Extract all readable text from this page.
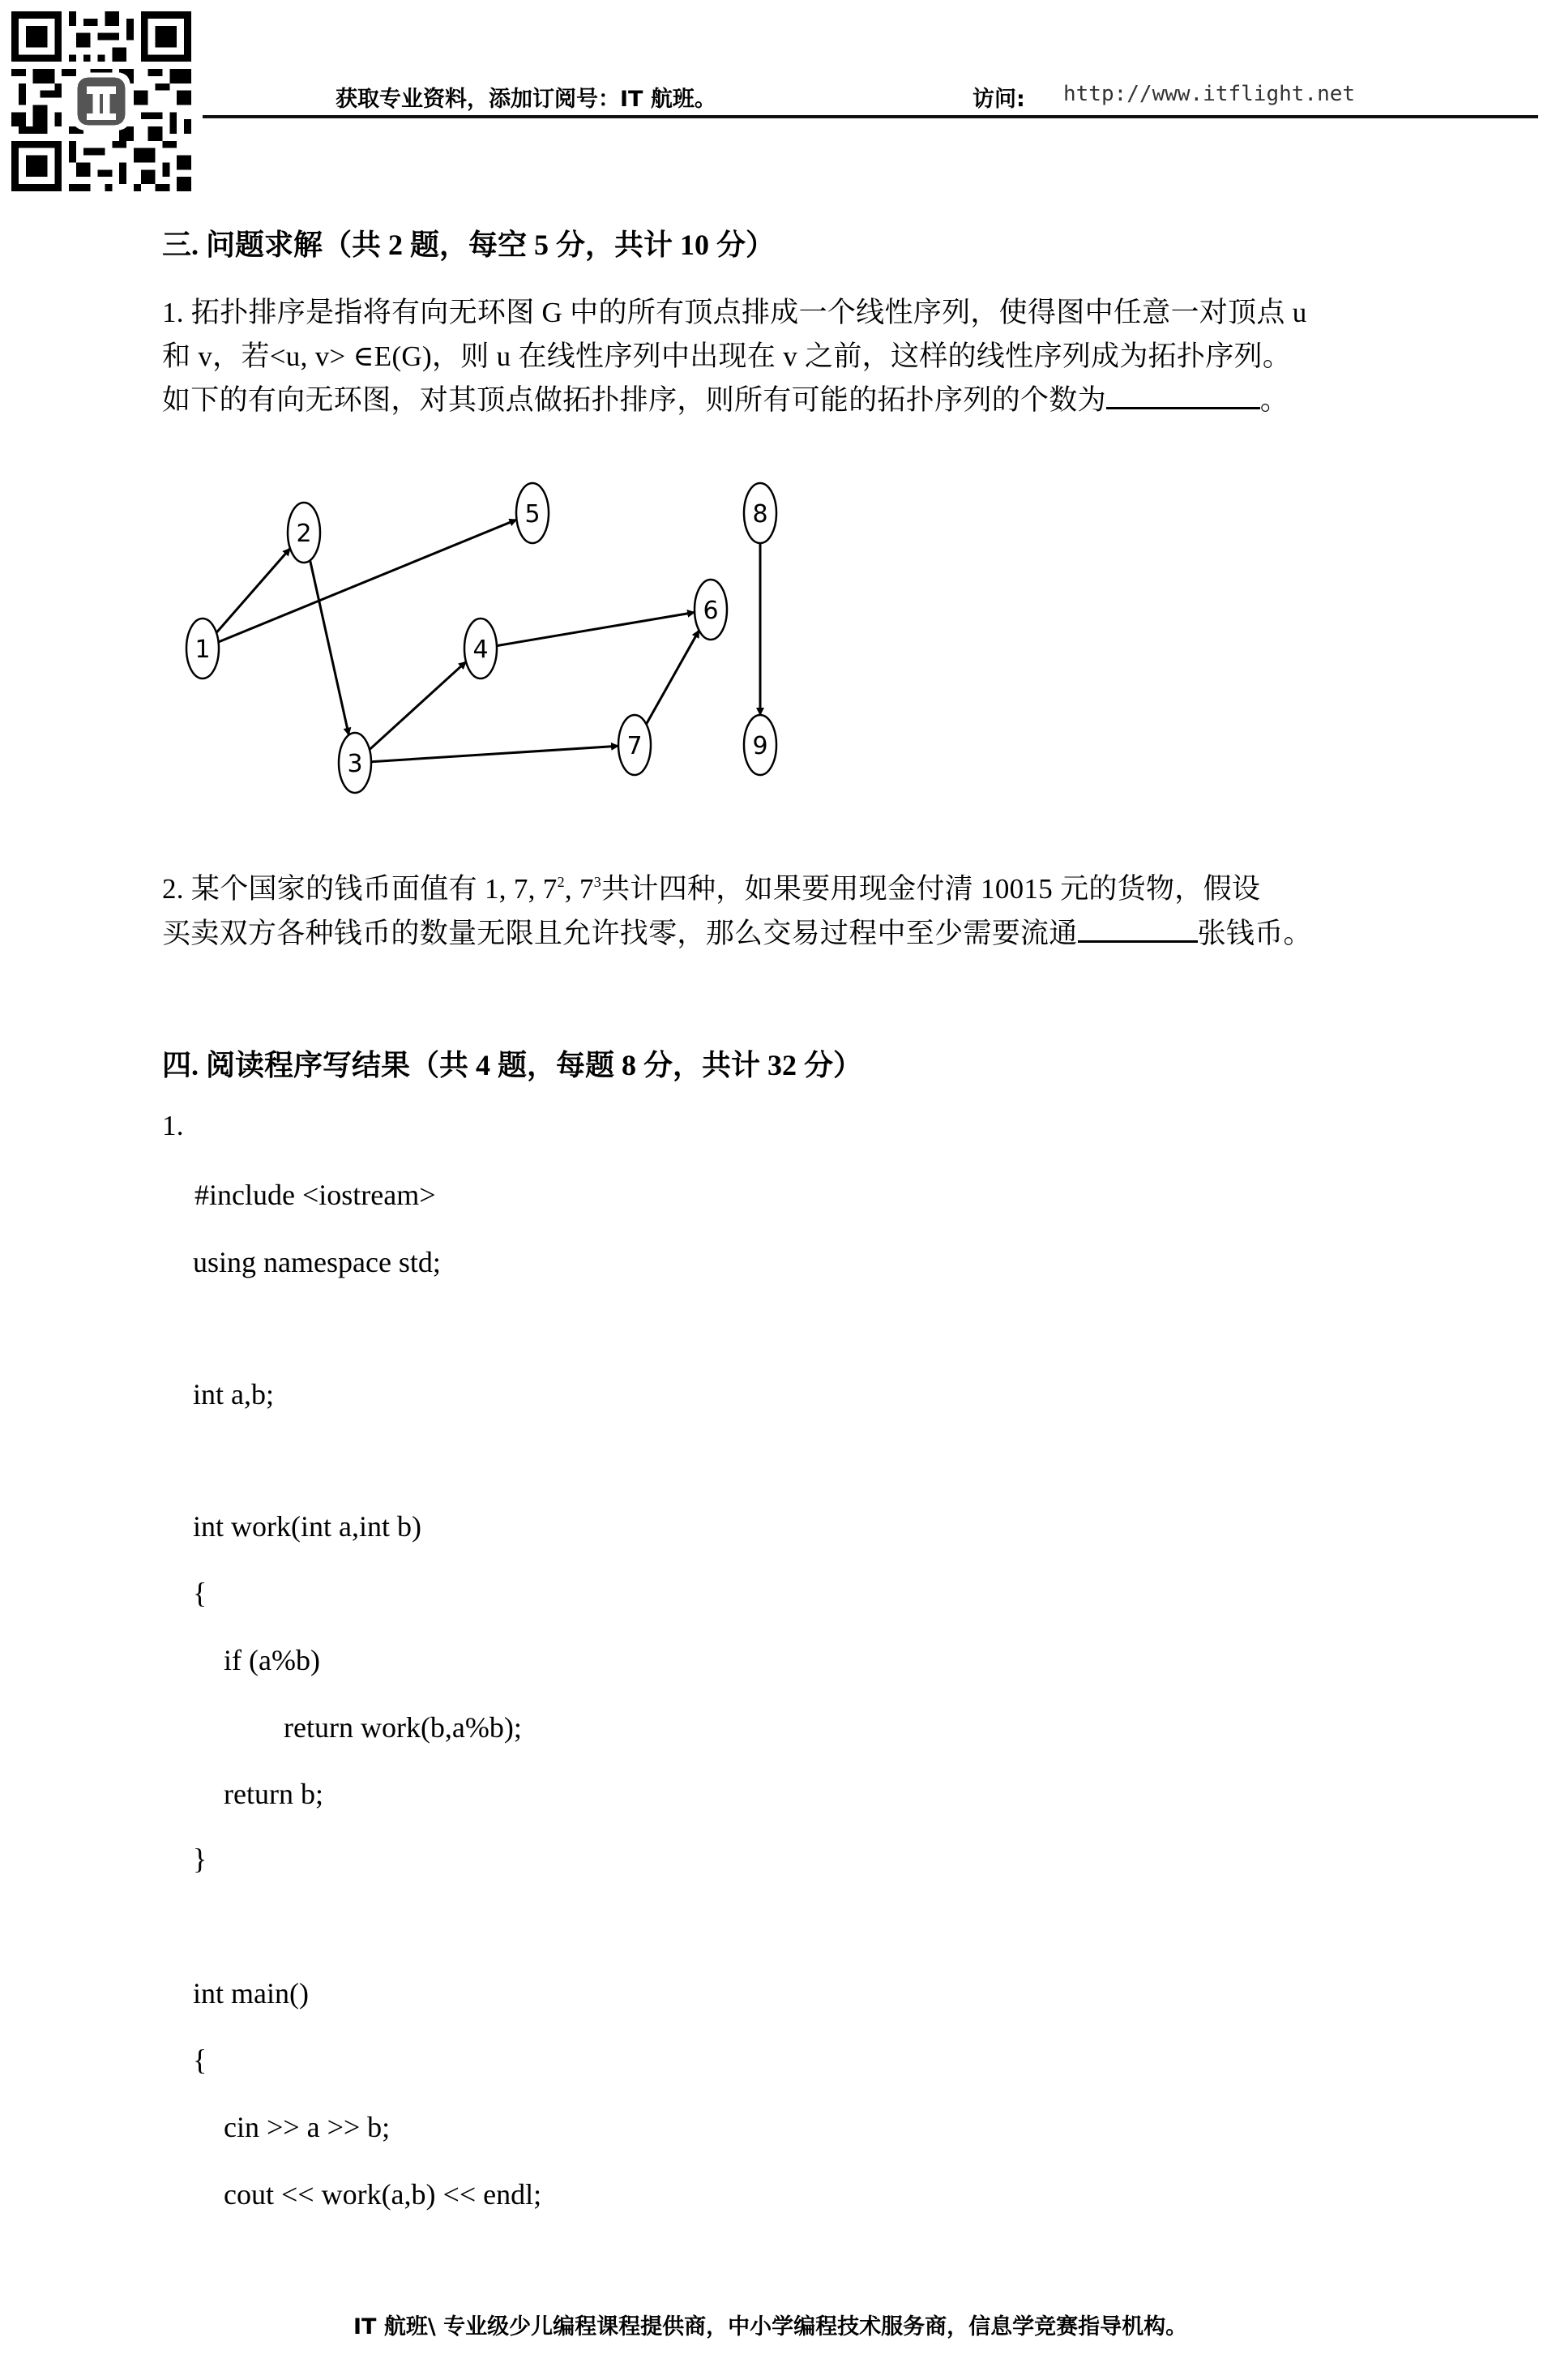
获取专业资料，添加订阅号：IT 航班。	访问: http://www.itflight.net
三. 问题求解（共 2 题，每空 5 分，共计 10 分）
1. 拓扑排序是指将有向无环图 G 中的所有顶点排成一个线性序列，使得图中任意一对顶点 u
和 v，若<u, v> ∈E(G)，则 u 在线性序列中出现在 v 之前，这样的线性序列成为拓扑序列。
如下的有向无环图，对其顶点做拓扑排序，则所有可能的拓扑序列的个数为	。
1
2
3
4
5
6
7
8
9
2. 某个国家的钱币面值有 1, 7, $7^2$, $7^3$共计四种，如果要用现金付清 10015 元的货物，假设
买卖双方各种钱币的数量无限且允许找零，那么交易过程中至少需要流通	张钱币。
四. 阅读程序写结果（共 4 题，每题 8 分，共计 32 分）
1.
#include <iostream>
using namespace std;
int a,b;
int work(int a,int b)
{
if (a%b)
return work(b,a%b);
return b;
}
int main()
{
cin >> a >> b;
cout << work(a,b) << endl;
IT 航班\ 专业级少儿编程课程提供商，中小学编程技术服务商，信息学竞赛指导机构。
